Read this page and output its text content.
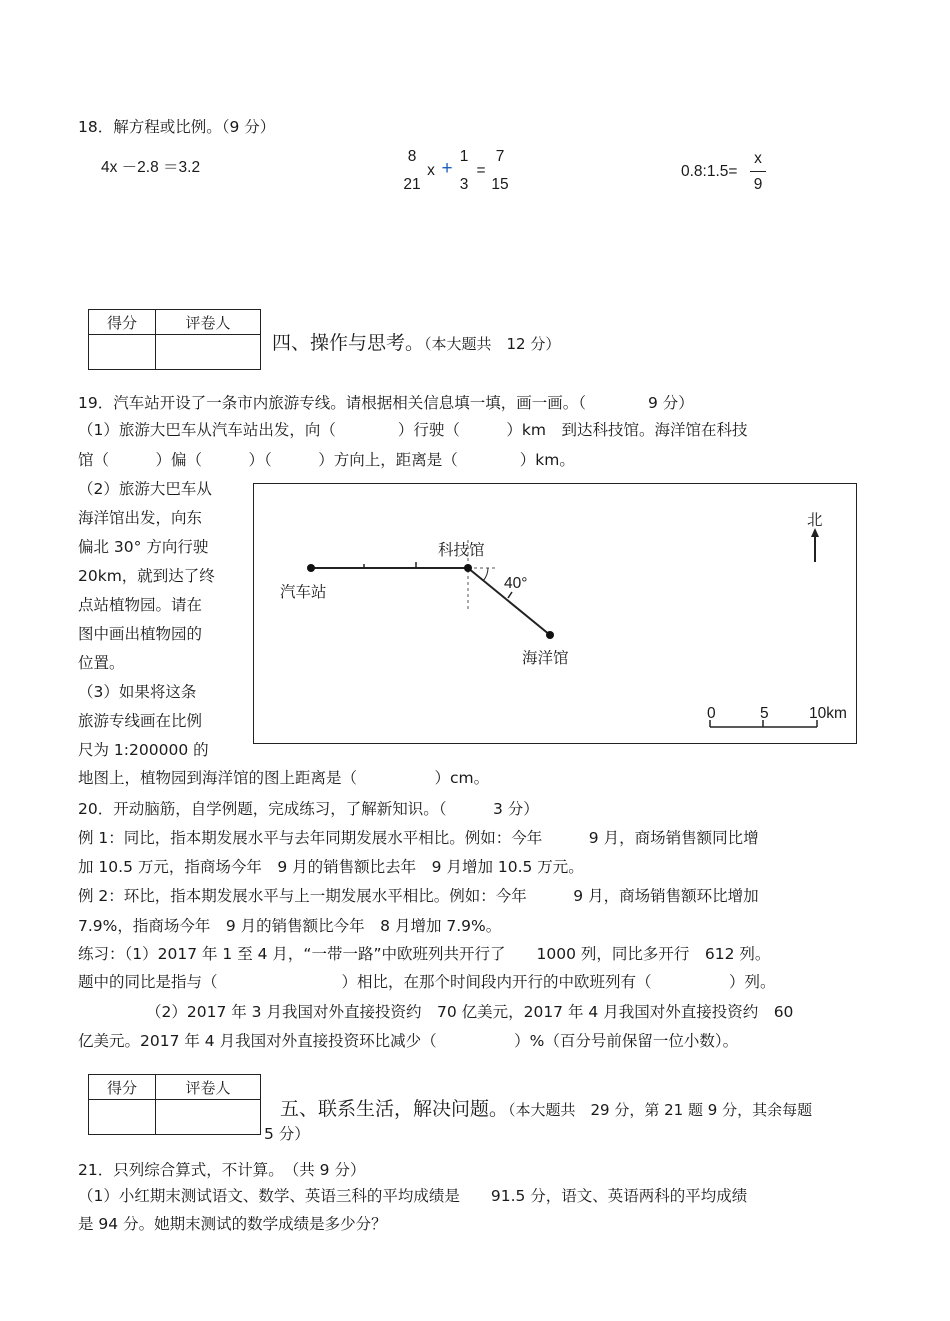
18．解方程或比例。（9 分）
4x －2.8 ＝3.2
8
21
x +
1
3
=
7
15
0.8:1.5=
x
9
得分	评卷人

四、操作与思考。（本大题共　12 分）
19．汽车站开设了一条市内旅游专线。请根据相关信息填一填，画一画。（　　　　9 分）
（1）旅游大巴车从汽车站出发，向（　　　　）行驶（　　　）km　到达科技馆。海洋馆在科技
馆（　　　）偏（　　　）（　　　）方向上，距离是（　　　　）km。
（2）旅游大巴车从
海洋馆出发，向东
偏北 30° 方向行驶
20km，就到达了终
点站植物园。请在
图中画出植物园的
位置。
（3）如果将这条
旅游专线画在比例
尺为 1:200000 的
地图上，植物园到海洋馆的图上距离是（　　　　　）cm。
汽车站
科技馆
海洋馆
40°
北
0	5	10km
20．开动脑筋，自学例题，完成练习，了解新知识。（　　　3 分）
例 1：同比，指本期发展水平与去年同期发展水平相比。例如：今年　　　9 月，商场销售额同比增
加 10.5 万元，指商场今年　9 月的销售额比去年　9 月增加 10.5 万元。
例 2：环比，指本期发展水平与上一期发展水平相比。例如：今年　　　9 月，商场销售额环比增加
7.9%，指商场今年　9 月的销售额比今年　8 月增加 7.9%。
练习：（1）2017 年 1 至 4 月，“一带一路”中欧班列共开行了　　1000 列，同比多开行　612 列。
题中的同比是指与（　　　　　　　　）相比，在那个时间段内开行的中欧班列有（　　　　　）列。
（2）2017 年 3 月我国对外直接投资约　70 亿美元，2017 年 4 月我国对外直接投资约　60
亿美元。2017 年 4 月我国对外直接投资环比减少（　　　　　）%（百分号前保留一位小数）。
得分	评卷人

五、联系生活，解决问题。（本大题共　29 分，第 21 题 9 分，其余每题
5 分）
21．只列综合算式，不计算。　（共 9 分）
（1）小红期末测试语文、数学、英语三科的平均成绩是　　91.5 分，语文、英语两科的平均成绩
是 94 分。她期末测试的数学成绩是多少分？
